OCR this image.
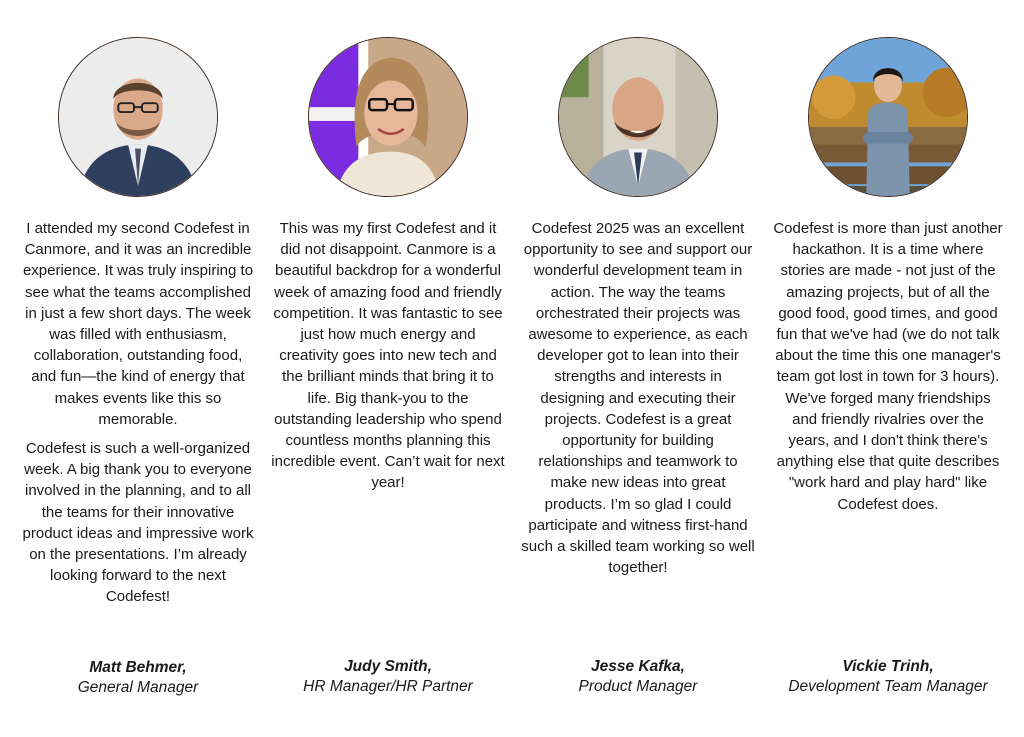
I attended my second Codefest in Canmore, and it was an incredible experience. It was truly inspiring to see what the teams accomplished in just a few short days. The week was filled with enthusiasm, collaboration, outstanding food, and fun—the kind of energy that makes events like this so memorable.

Codefest is such a well-organized week. A big thank you to everyone involved in the planning, and to all the teams for their innovative product ideas and impressive work on the presentations. I’m already looking forward to the next Codefest!

Matt Behmer,
General Manager

This was my first Codefest and it did not disappoint. Canmore is a beautiful backdrop for a wonderful week of amazing food and friendly competition. It was fantastic to see just how much energy and creativity goes into new tech and the brilliant minds that bring it to life. Big thank-you to the outstanding leadership who spend countless months planning this incredible event. Can’t wait for next year!

Judy Smith,
HR Manager/HR Partner

Codefest 2025 was an excellent opportunity to see and support our wonderful development team in action. The way the teams orchestrated their projects was awesome to experience, as each developer got to lean into their strengths and interests in designing and executing their projects. Codefest is a great opportunity for building relationships and teamwork to make new ideas into great products. I’m so glad I could participate and witness first-hand such a skilled team working so well together!

Jesse Kafka,
Product Manager

Codefest is more than just another hackathon. It is a time where stories are made - not just of the amazing projects, but of all the good food, good times, and good fun that we've had (we do not talk about the time this one manager's team got lost in town for 3 hours). We've forged many friendships and friendly rivalries over the years, and I don't think there's anything else that quite describes "work hard and play hard" like Codefest does.

Vickie Trinh,
Development Team Manager
